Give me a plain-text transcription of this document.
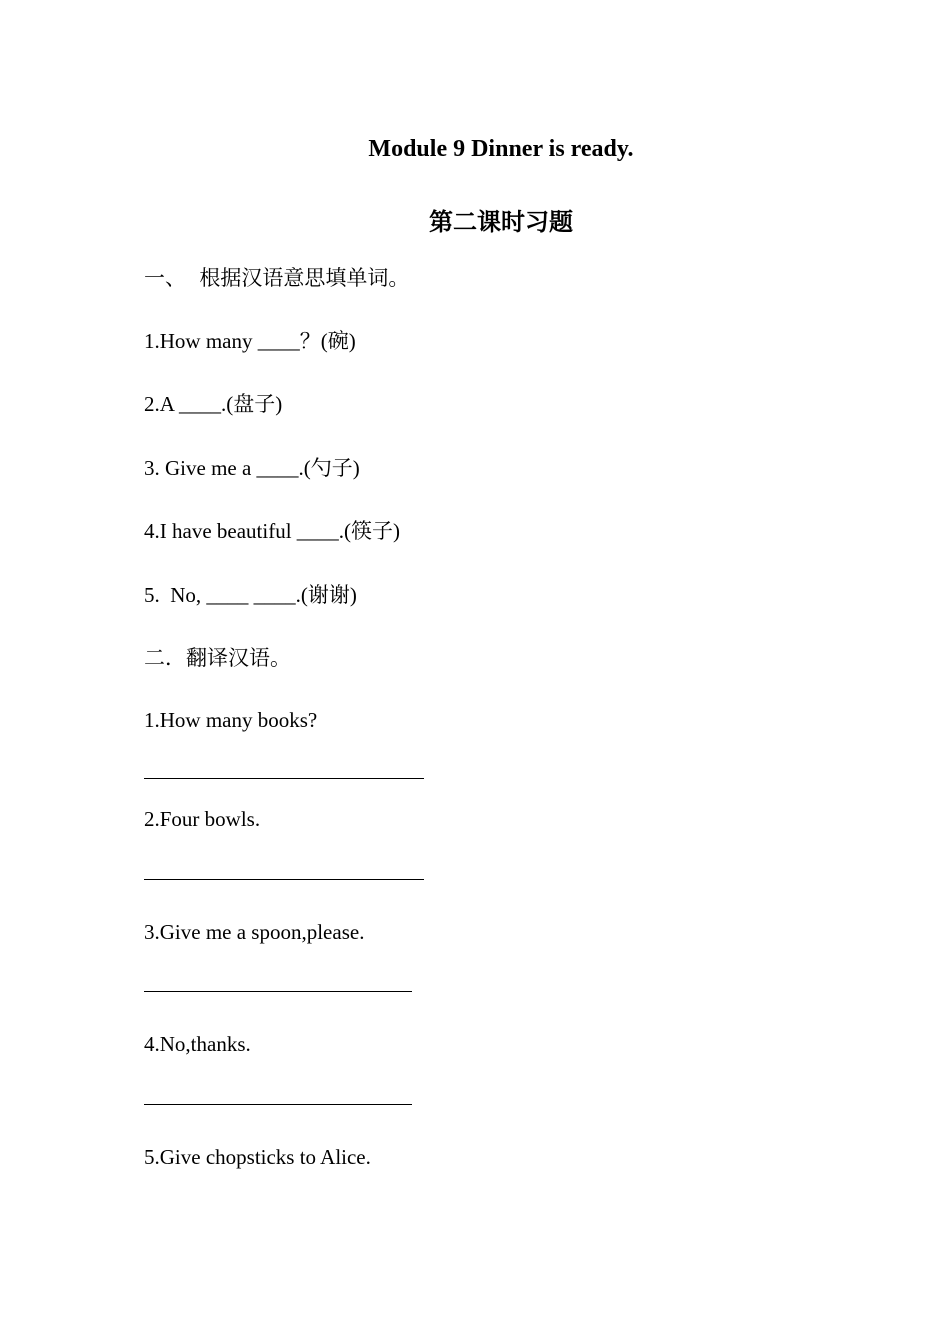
Module 9 Dinner is ready.
第二课时习题
一、  根据汉语意思填单词。
1.How many ____？(碗)
2.A ____.(盘子)
3. Give me a ____.(勺子)
4.I have beautiful ____.(筷子)
5.  No, ____ ____.(谢谢)
二．翻译汉语。
1.How many books?
2.Four bowls.
3.Give me a spoon,please.
4.No,thanks.
5.Give chopsticks to Alice.
